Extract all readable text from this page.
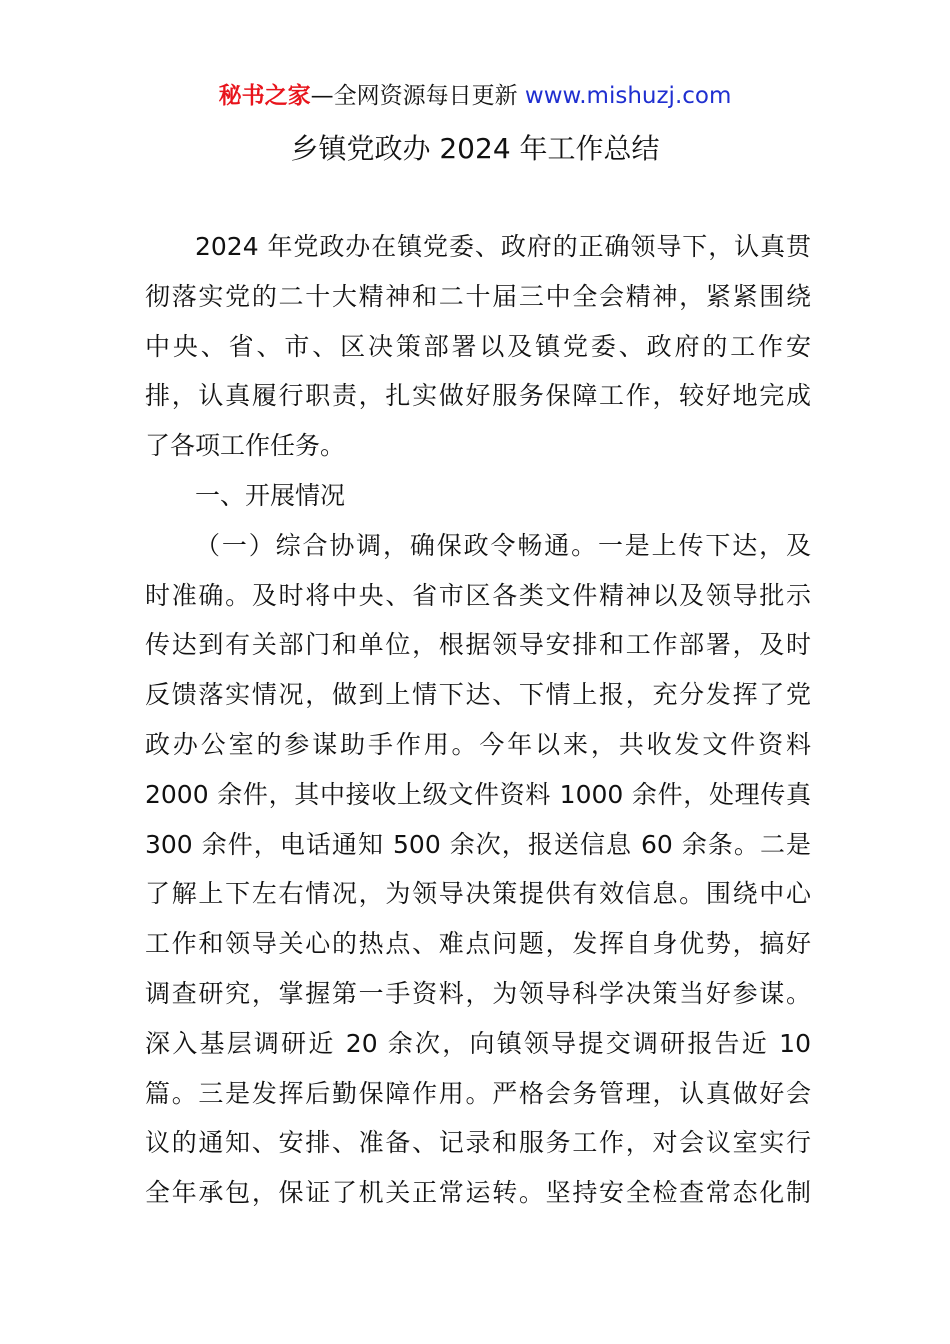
秘书之家—全网资源每日更新 www.mishuzj.com
乡镇党政办 2024 年工作总结
2024 年党政办在镇党委、政府的正确领导下，认真贯
彻落实党的二十大精神和二十届三中全会精神，紧紧围绕
中央、省、市、区决策部署以及镇党委、政府的工作安
排，认真履行职责，扎实做好服务保障工作，较好地完成
了各项工作任务。
一、开展情况
（一）综合协调，确保政令畅通。一是上传下达，及
时准确。及时将中央、省市区各类文件精神以及领导批示
传达到有关部门和单位，根据领导安排和工作部署，及时
反馈落实情况，做到上情下达、下情上报，充分发挥了党
政办公室的参谋助手作用。今年以来，共收发文件资料
2000 余件，其中接收上级文件资料 1000 余件，处理传真
300 余件，电话通知 500 余次，报送信息 60 余条。二是
了解上下左右情况，为领导决策提供有效信息。围绕中心
工作和领导关心的热点、难点问题，发挥自身优势，搞好
调查研究，掌握第一手资料，为领导科学决策当好参谋。
深入基层调研近 20 余次，向镇领导提交调研报告近 10
篇。三是发挥后勤保障作用。严格会务管理，认真做好会
议的通知、安排、准备、记录和服务工作，对会议室实行
全年承包，保证了机关正常运转。坚持安全检查常态化制
